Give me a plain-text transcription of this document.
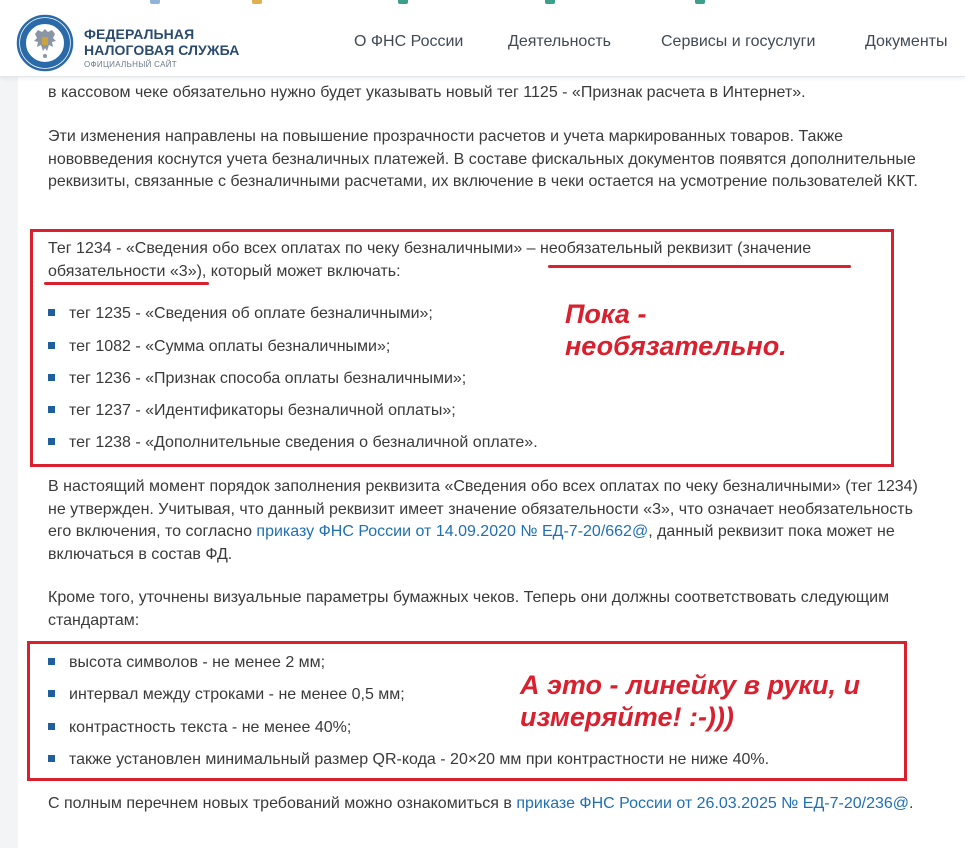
ФЕДЕРАЛЬНАЯ
НАЛОГОВАЯ СЛУЖБА
ОФИЦИАЛЬНЫЙ САЙТ
О ФНС России	Деятельность	Сервисы и госуслуги	Документы

в кассовом чеке обязательно нужно будет указывать новый тег 1125 - «Признак расчета в Интернет».

Эти изменения направлены на повышение прозрачности расчетов и учета маркированных товаров. Также нововведения коснутся учета безналичных платежей. В составе фискальных документов появятся дополнительные реквизиты, связанные с безналичными расчетами, их включение в чеки остается на усмотрение пользователей ККТ.

Тег 1234 - «Сведения обо всех оплатах по чеку безналичными» – необязательный реквизит (значение
обязательности «3»), который может включать:
тег 1235 - «Сведения об оплате безналичными»;
тег 1082 - «Сумма оплаты безналичными»;
тег 1236 - «Признак способа оплаты безналичными»;
тег 1237 - «Идентификаторы безналичной оплаты»;
тег 1238 - «Дополнительные сведения о безналичной оплате».

В настоящий момент порядок заполнения реквизита «Сведения обо всех оплатах по чеку безналичными» (тег 1234) не утвержден. Учитывая, что данный реквизит имеет значение обязательности «3», что означает необязательность его включения, то согласно приказу ФНС России от 14.09.2020 № ЕД-7-20/662@, данный реквизит пока может не включаться в состав ФД.

Кроме того, уточнены визуальные параметры бумажных чеков. Теперь они должны соответствовать следующим стандартам:

высота символов - не менее 2 мм;
интервал между строками - не менее 0,5 мм;
контрастность текста - не менее 40%;
также установлен минимальный размер QR-кода - 20×20 мм при контрастности не ниже 40%.

С полным перечнем новых требований можно ознакомиться в приказе ФНС России от 26.03.2025 № ЕД-7-20/236@.

Пока -
необязательно.
А это - линейку в руки, и
измеряйте! :-)))
